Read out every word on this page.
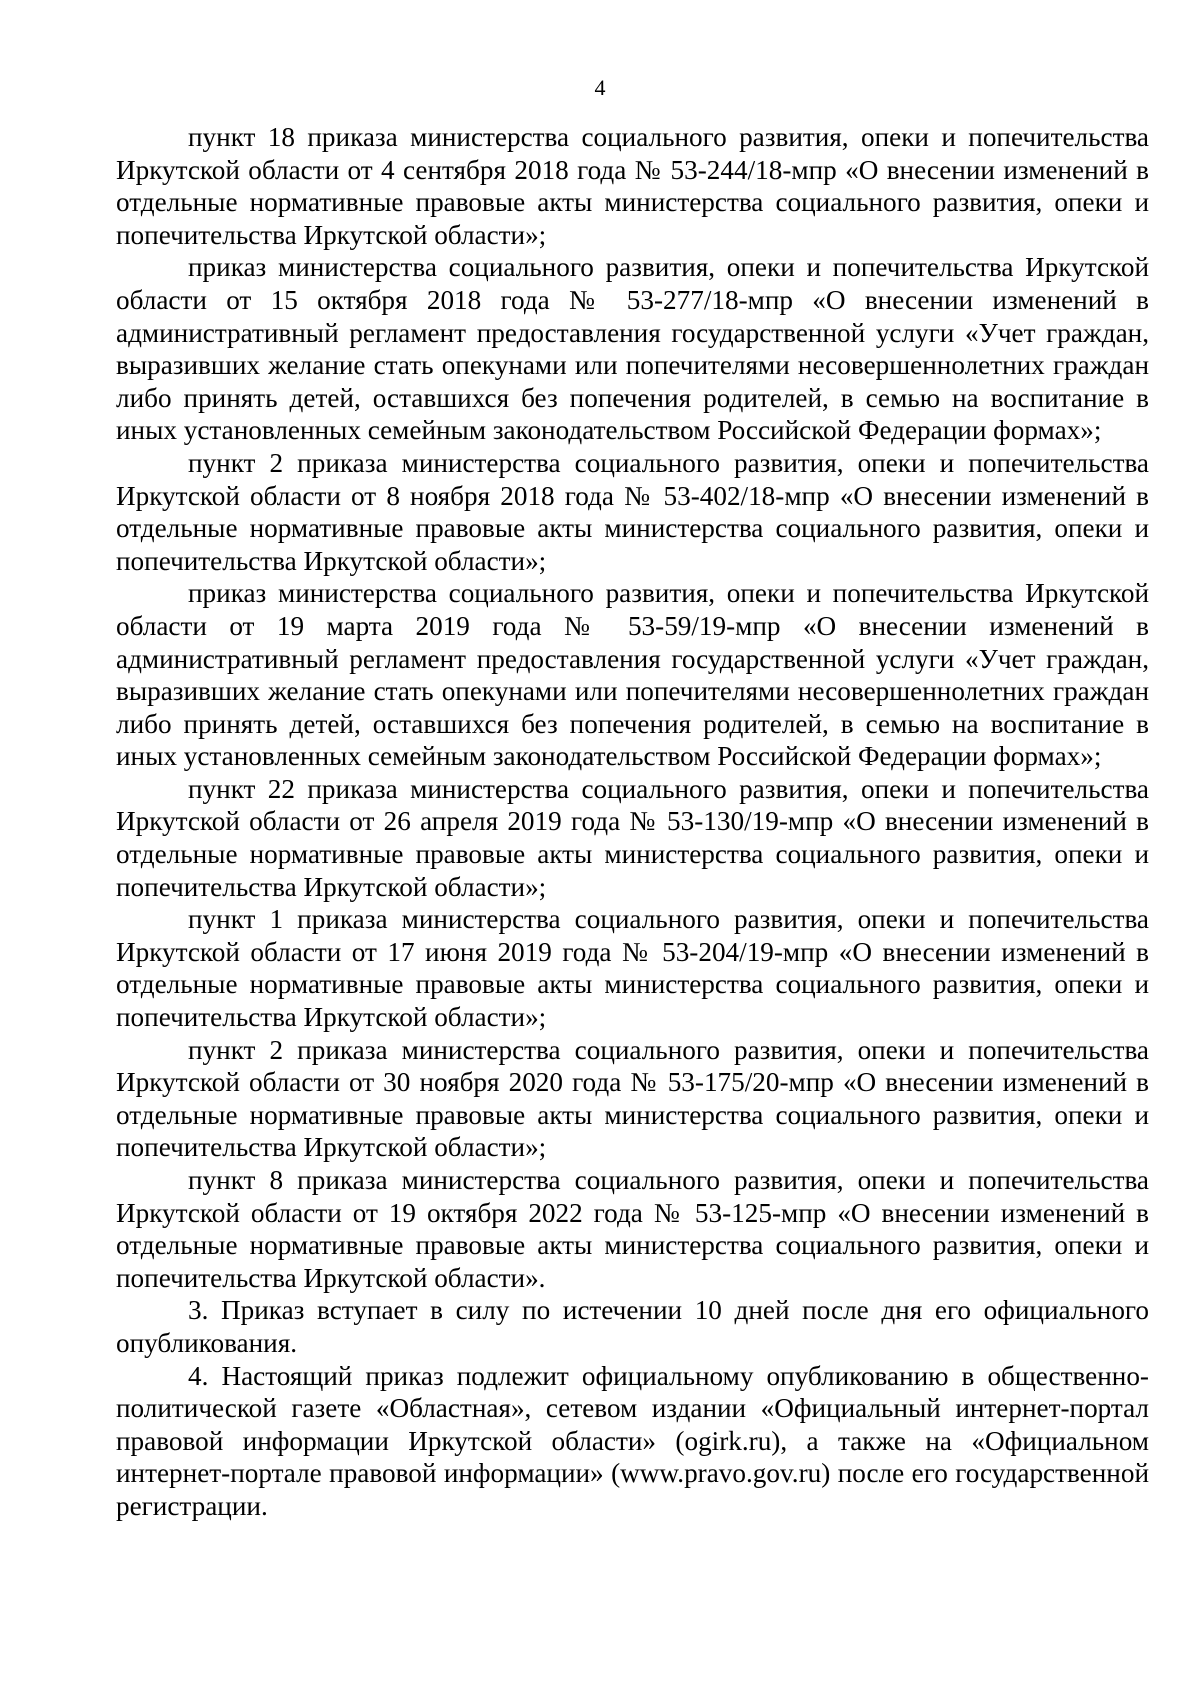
4

пункт 18 приказа министерства социального развития, опеки и попечительства Иркутской области от 4 сентября 2018 года № 53-244/18-мпр «О внесении изменений в отдельные нормативные правовые акты министерства социального развития, опеки и попечительства Иркутской области»;

приказ министерства социального развития, опеки и попечительства Иркутской области от 15 октября 2018 года № 53-277/18-мпр «О внесении изменений в административный регламент предоставления государственной услуги «Учет граждан, выразивших желание стать опекунами или попечителями несовершеннолетних граждан либо принять детей, оставшихся без попечения родителей, в семью на воспитание в иных установленных семейным законодательством Российской Федерации формах»;

пункт 2 приказа министерства социального развития, опеки и попечительства Иркутской области от 8 ноября 2018 года № 53-402/18-мпр «О внесении изменений в отдельные нормативные правовые акты министерства социального развития, опеки и попечительства Иркутской области»;

приказ министерства социального развития, опеки и попечительства Иркутской области от 19 марта 2019 года № 53-59/19-мпр «О внесении изменений в административный регламент предоставления государственной услуги «Учет граждан, выразивших желание стать опекунами или попечителями несовершеннолетних граждан либо принять детей, оставшихся без попечения родителей, в семью на воспитание в иных установленных семейным законодательством Российской Федерации формах»;

пункт 22 приказа министерства социального развития, опеки и попечительства Иркутской области от 26 апреля 2019 года № 53-130/19-мпр «О внесении изменений в отдельные нормативные правовые акты министерства социального развития, опеки и попечительства Иркутской области»;

пункт 1 приказа министерства социального развития, опеки и попечительства Иркутской области от 17 июня 2019 года № 53-204/19-мпр «О внесении изменений в отдельные нормативные правовые акты министерства социального развития, опеки и попечительства Иркутской области»;

пункт 2 приказа министерства социального развития, опеки и попечительства Иркутской области от 30 ноября 2020 года № 53-175/20-мпр «О внесении изменений в отдельные нормативные правовые акты министерства социального развития, опеки и попечительства Иркутской области»;

пункт 8 приказа министерства социального развития, опеки и попечительства Иркутской области от 19 октября 2022 года № 53-125-мпр «О внесении изменений в отдельные нормативные правовые акты министерства социального развития, опеки и попечительства Иркутской области».

3. Приказ вступает в силу по истечении 10 дней после дня его официального опубликования.

4. Настоящий приказ подлежит официальному опубликованию в общественно-политической газете «Областная», сетевом издании «Официальный интернет-портал правовой информации Иркутской области» (ogirk.ru), а также на «Официальном интернет-портале правовой информации» (www.pravo.gov.ru) после его государственной регистрации.
